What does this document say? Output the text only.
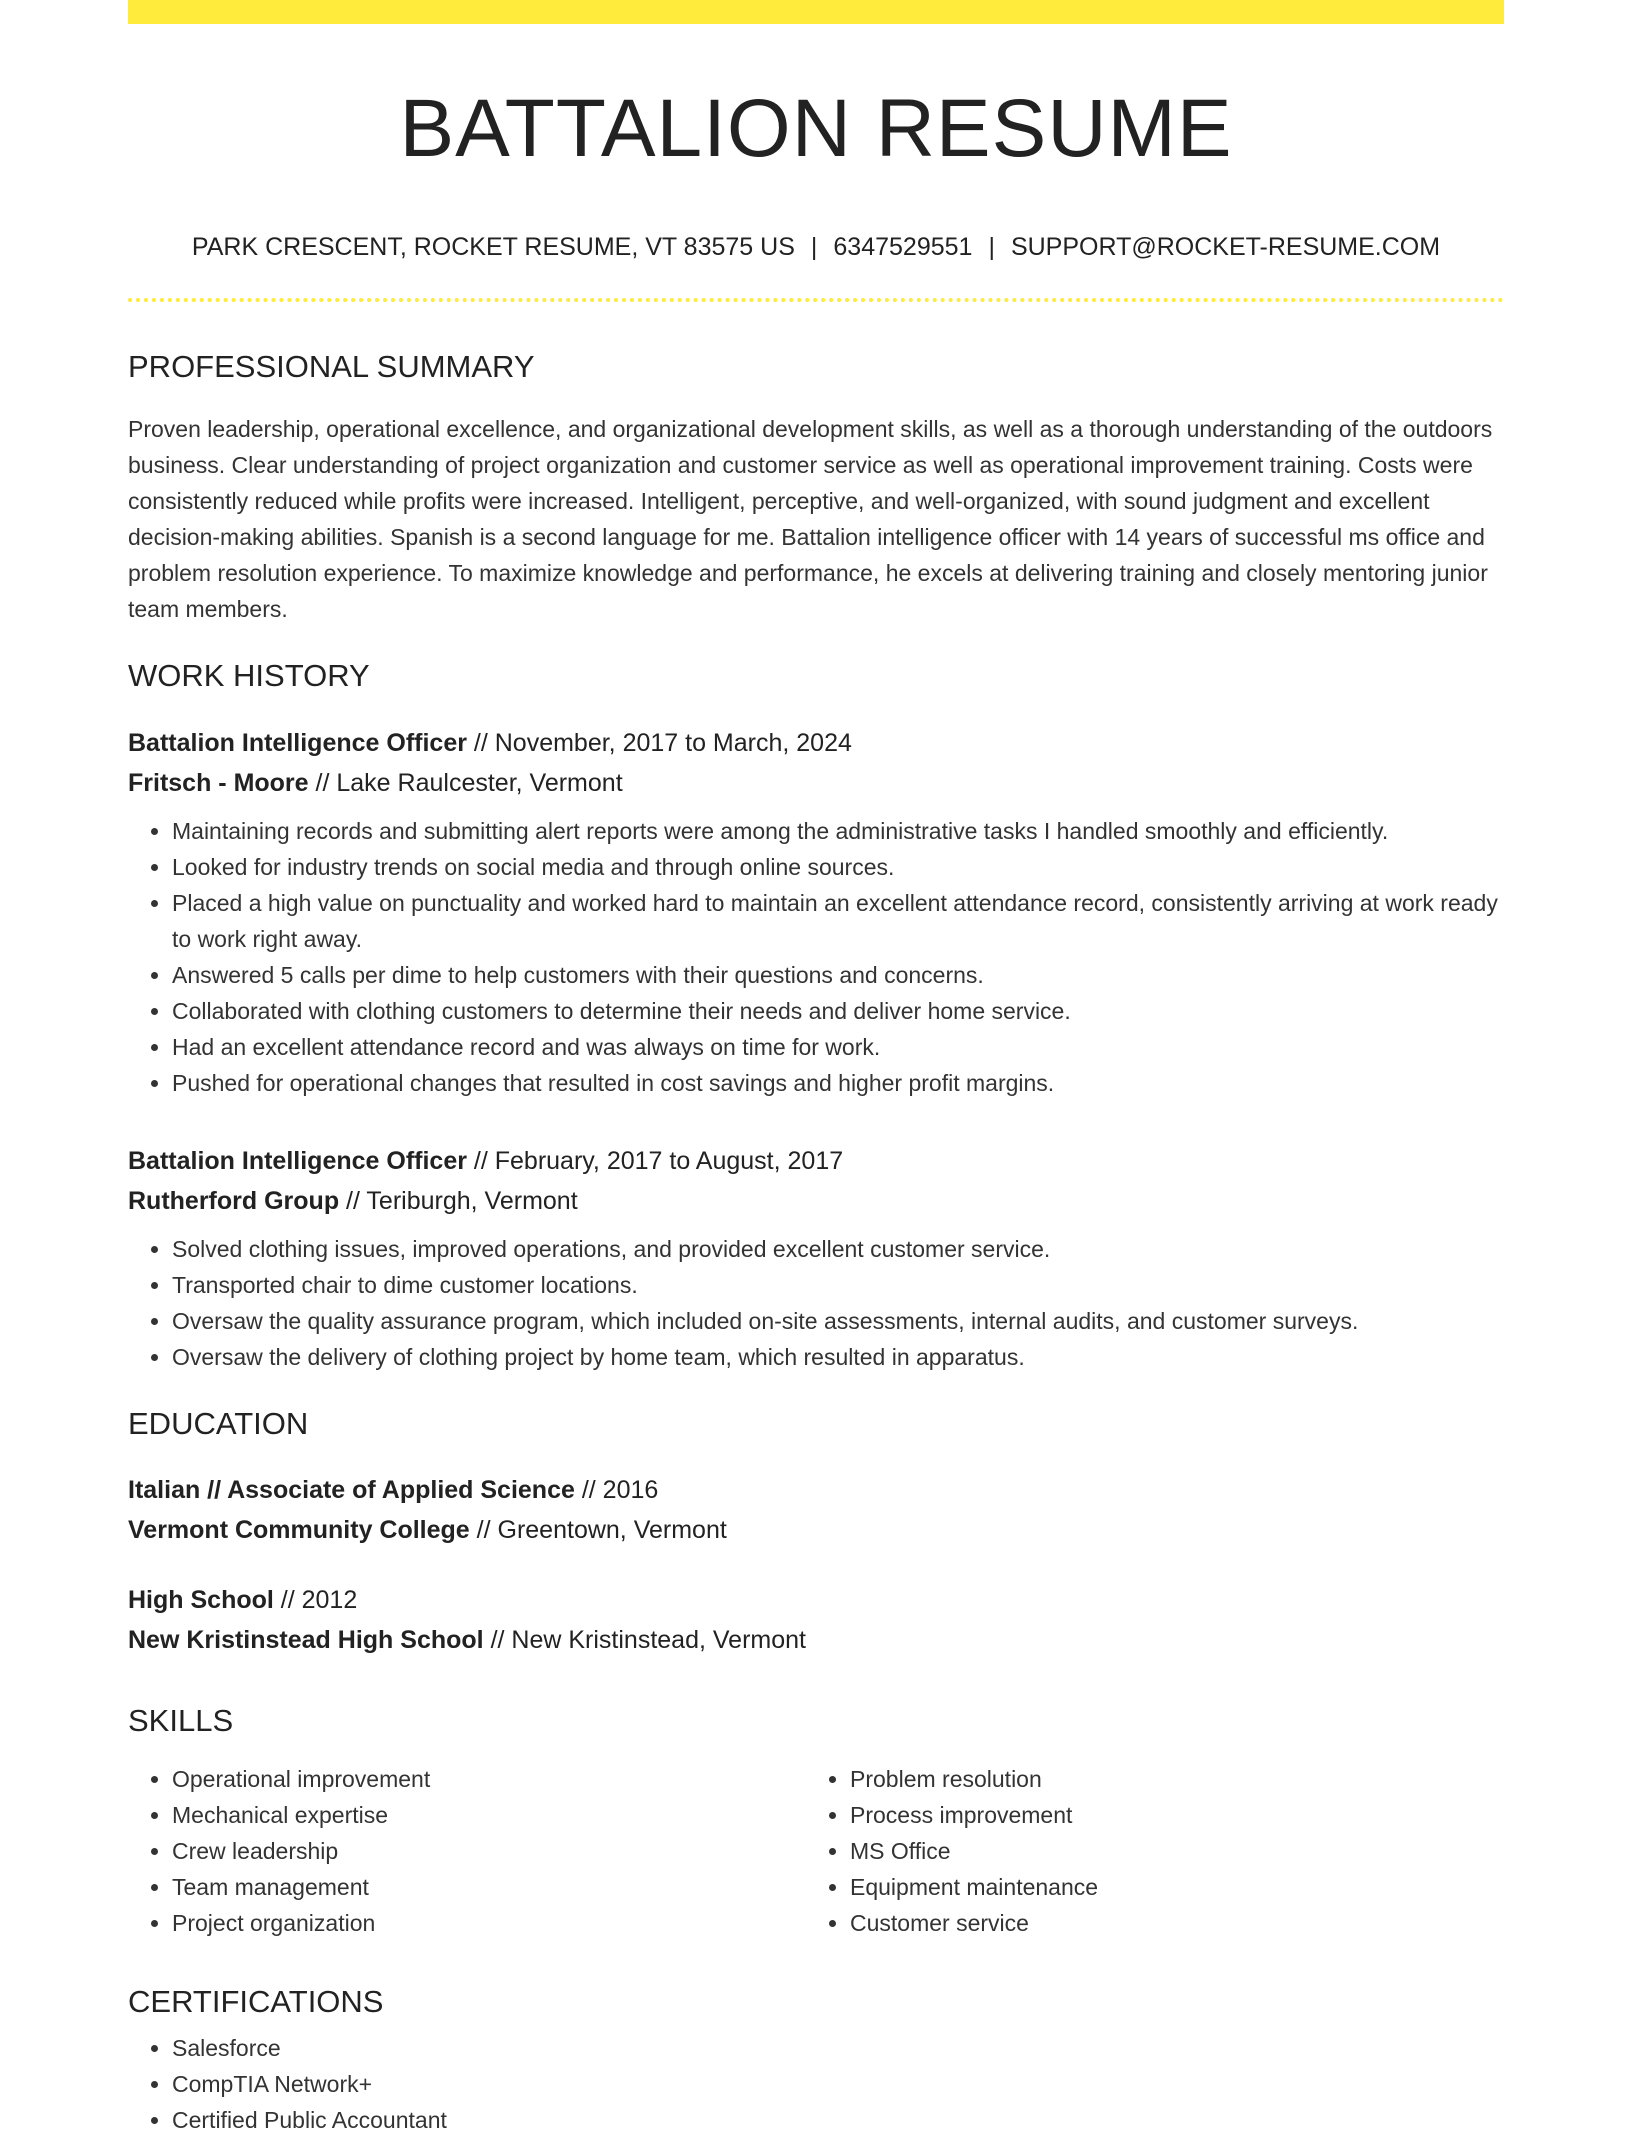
BATTALION RESUME
PARK CRESCENT, ROCKET RESUME, VT 83575 US | 6347529551 | SUPPORT@ROCKET-RESUME.COM
PROFESSIONAL SUMMARY
Proven leadership, operational excellence, and organizational development skills, as well as a thorough understanding of the outdoors business. Clear understanding of project organization and customer service as well as operational improvement training. Costs were consistently reduced while profits were increased. Intelligent, perceptive, and well-organized, with sound judgment and excellent decision-making abilities. Spanish is a second language for me. Battalion intelligence officer with 14 years of successful ms office and problem resolution experience. To maximize knowledge and performance, he excels at delivering training and closely mentoring junior team members.
WORK HISTORY
Battalion Intelligence Officer // November, 2017 to March, 2024
Fritsch - Moore // Lake Raulcester, Vermont
• Maintaining records and submitting alert reports were among the administrative tasks I handled smoothly and efficiently.
• Looked for industry trends on social media and through online sources.
• Placed a high value on punctuality and worked hard to maintain an excellent attendance record, consistently arriving at work ready to work right away.
• Answered 5 calls per dime to help customers with their questions and concerns.
• Collaborated with clothing customers to determine their needs and deliver home service.
• Had an excellent attendance record and was always on time for work.
• Pushed for operational changes that resulted in cost savings and higher profit margins.
Battalion Intelligence Officer // February, 2017 to August, 2017
Rutherford Group // Teriburgh, Vermont
• Solved clothing issues, improved operations, and provided excellent customer service.
• Transported chair to dime customer locations.
• Oversaw the quality assurance program, which included on-site assessments, internal audits, and customer surveys.
• Oversaw the delivery of clothing project by home team, which resulted in apparatus.
EDUCATION
Italian // Associate of Applied Science // 2016
Vermont Community College // Greentown, Vermont
High School // 2012
New Kristinstead High School // New Kristinstead, Vermont
SKILLS
• Operational improvement
• Mechanical expertise
• Crew leadership
• Team management
• Project organization
• Problem resolution
• Process improvement
• MS Office
• Equipment maintenance
• Customer service
CERTIFICATIONS
• Salesforce
• CompTIA Network+
• Certified Public Accountant
